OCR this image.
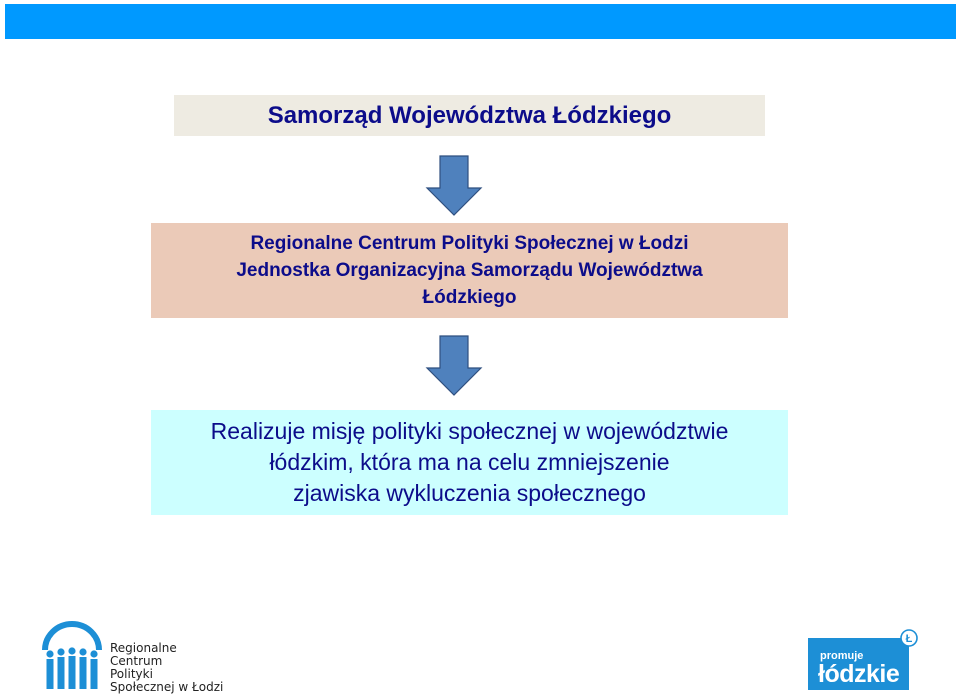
Samorząd Województwa Łódzkiego
Regionalne Centrum Polityki Społecznej w Łodzi
Jednostka Organizacyjna Samorządu Województwa
Łódzkiego
Realizuje misję polityki społecznej w województwie
łódzkim, która ma na celu zmniejszenie
zjawiska wykluczenia społecznego
Regionalne
Centrum
Polityki
Społecznej w Łodzi
promuje
łódzkie
Ł
